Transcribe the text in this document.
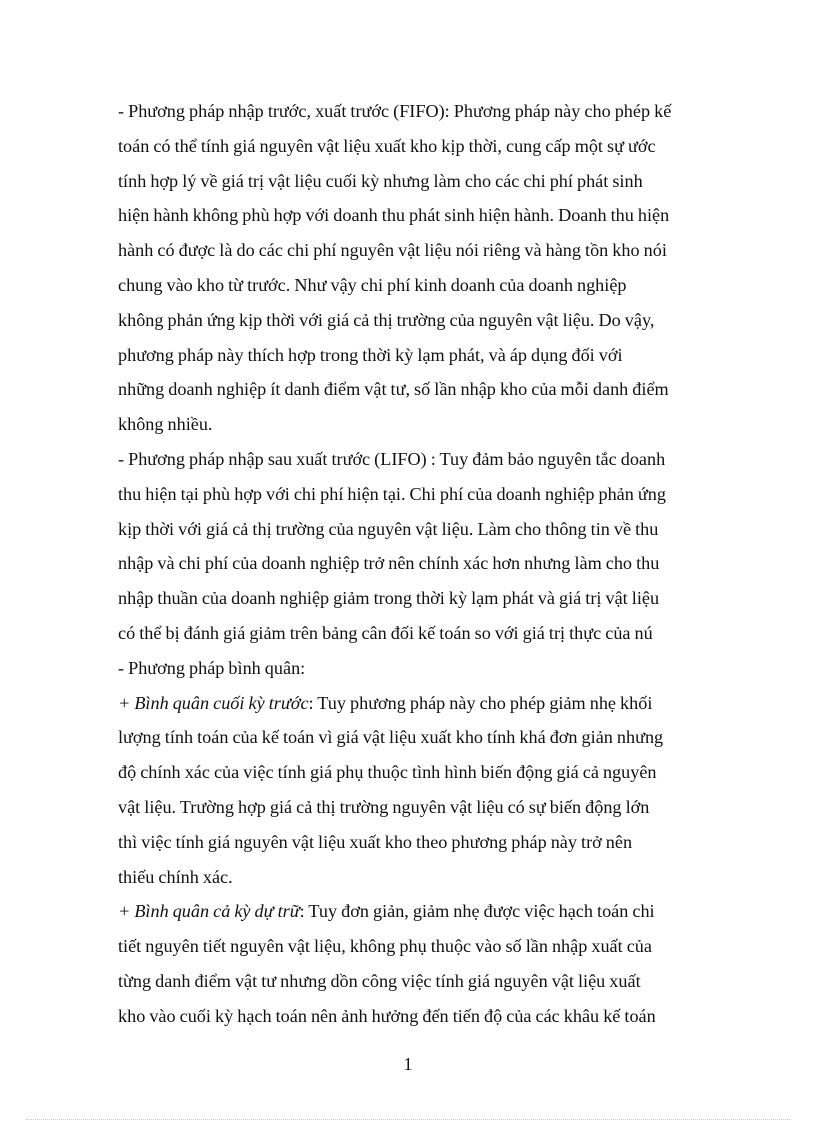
- Phương pháp nhập trước, xuất trước (FIFO): Phương pháp này cho phép kế
toán có thể tính giá nguyên vật liệu xuất kho kịp thời, cung cấp một sự ước
tính hợp lý về giá trị vật liệu cuối kỳ nhưng làm cho các chi phí phát sinh
hiện hành không phù hợp với doanh thu phát sinh hiện hành. Doanh thu hiện
hành có được là do các chi phí nguyên vật liệu nói riêng và hàng tồn kho nói
chung vào kho từ trước. Như vậy chi phí kinh doanh của doanh nghiệp
không phản ứng kịp thời với giá cả thị trường của nguyên vật liệu. Do vậy,
phương pháp này thích hợp trong thời kỳ lạm phát, và áp dụng đối với
những doanh nghiệp ít danh điểm vật tư, số lần nhập kho của mỗi danh điểm
không nhiều.
- Phương pháp nhập sau xuất trước (LIFO) : Tuy đảm bảo nguyên tắc doanh
thu hiện tại phù hợp với chi phí hiện tại. Chi phí của doanh nghiệp phản ứng
kịp thời với giá cả thị trường của nguyên vật liệu. Làm cho thông tin về thu
nhập và chi phí của doanh nghiệp trở nên chính xác hơn nhưng làm cho thu
nhập thuần của doanh nghiệp giảm trong thời kỳ lạm phát và giá trị vật liệu
có thể bị đánh giá giảm trên bảng cân đối kế toán so với giá trị thực của nú
- Phương pháp bình quân:
+ Bình quân cuối kỳ trước: Tuy phương pháp này cho phép giảm nhẹ khối
lượng tính toán của kế toán vì giá vật liệu xuất kho tính khá đơn giản nhưng
độ chính xác của việc tính giá phụ thuộc tình hình biến động giá cả nguyên
vật liệu. Trường hợp giá cả thị trường nguyên vật liệu có sự biến động lớn
thì việc tính giá nguyên vật liệu xuất kho theo phương pháp này trở nên
thiếu chính xác.
+ Bình quân cả kỳ dự trữ: Tuy đơn giản, giảm nhẹ được việc hạch toán chi
tiết nguyên tiết nguyên vật liệu, không phụ thuộc vào số lần nhập xuất của
từng danh điểm vật tư nhưng dồn công việc tính giá nguyên vật liệu xuất
kho vào cuối kỳ hạch toán nên ảnh hưởng đến tiến độ của các khâu kế toán
1
